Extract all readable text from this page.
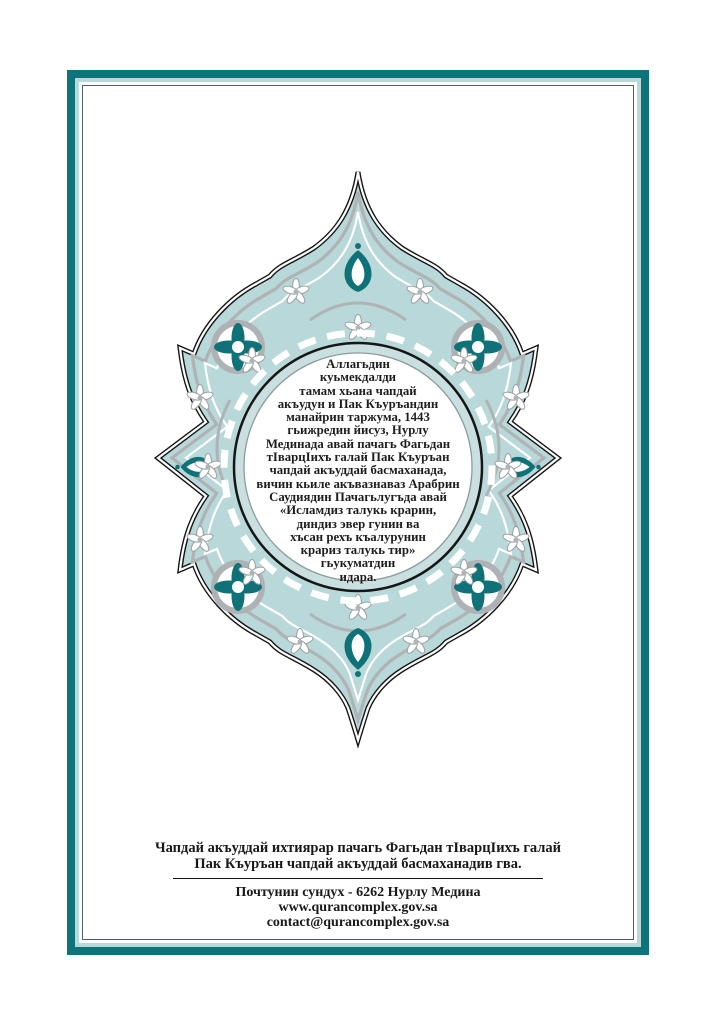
Аллагьдин
куьмекдалди
тамам хьана чапдай
акъудун и Пак Къуръандин
манайрин таржума, 1443
гьижредин йисуз, Нурлу
Мединада авай пачагь Фагьдан
тӀварцӀихъ галай Пак Къуръан
чапдай акъуддай басмаханада,
вичин кьиле акъвазнаваз Арабрин
Саудиядин Пачагьлугъда авай
«Исламдиз талукь крарин,
диндиз эвер гунин ва
хъсан рехъ къалурунин
крариз талукь тир»
гьукуматдин
идара.
Чапдай акъуддай ихтиярар пачагь Фагьдан тӀварцӀихъ галай
Пак Къуръан чапдай акъуддай басмаханадив гва.
Почтунин сундух - 6262 Нурлу Медина
www.qurancomplex.gov.sa
contact@qurancomplex.gov.sa
